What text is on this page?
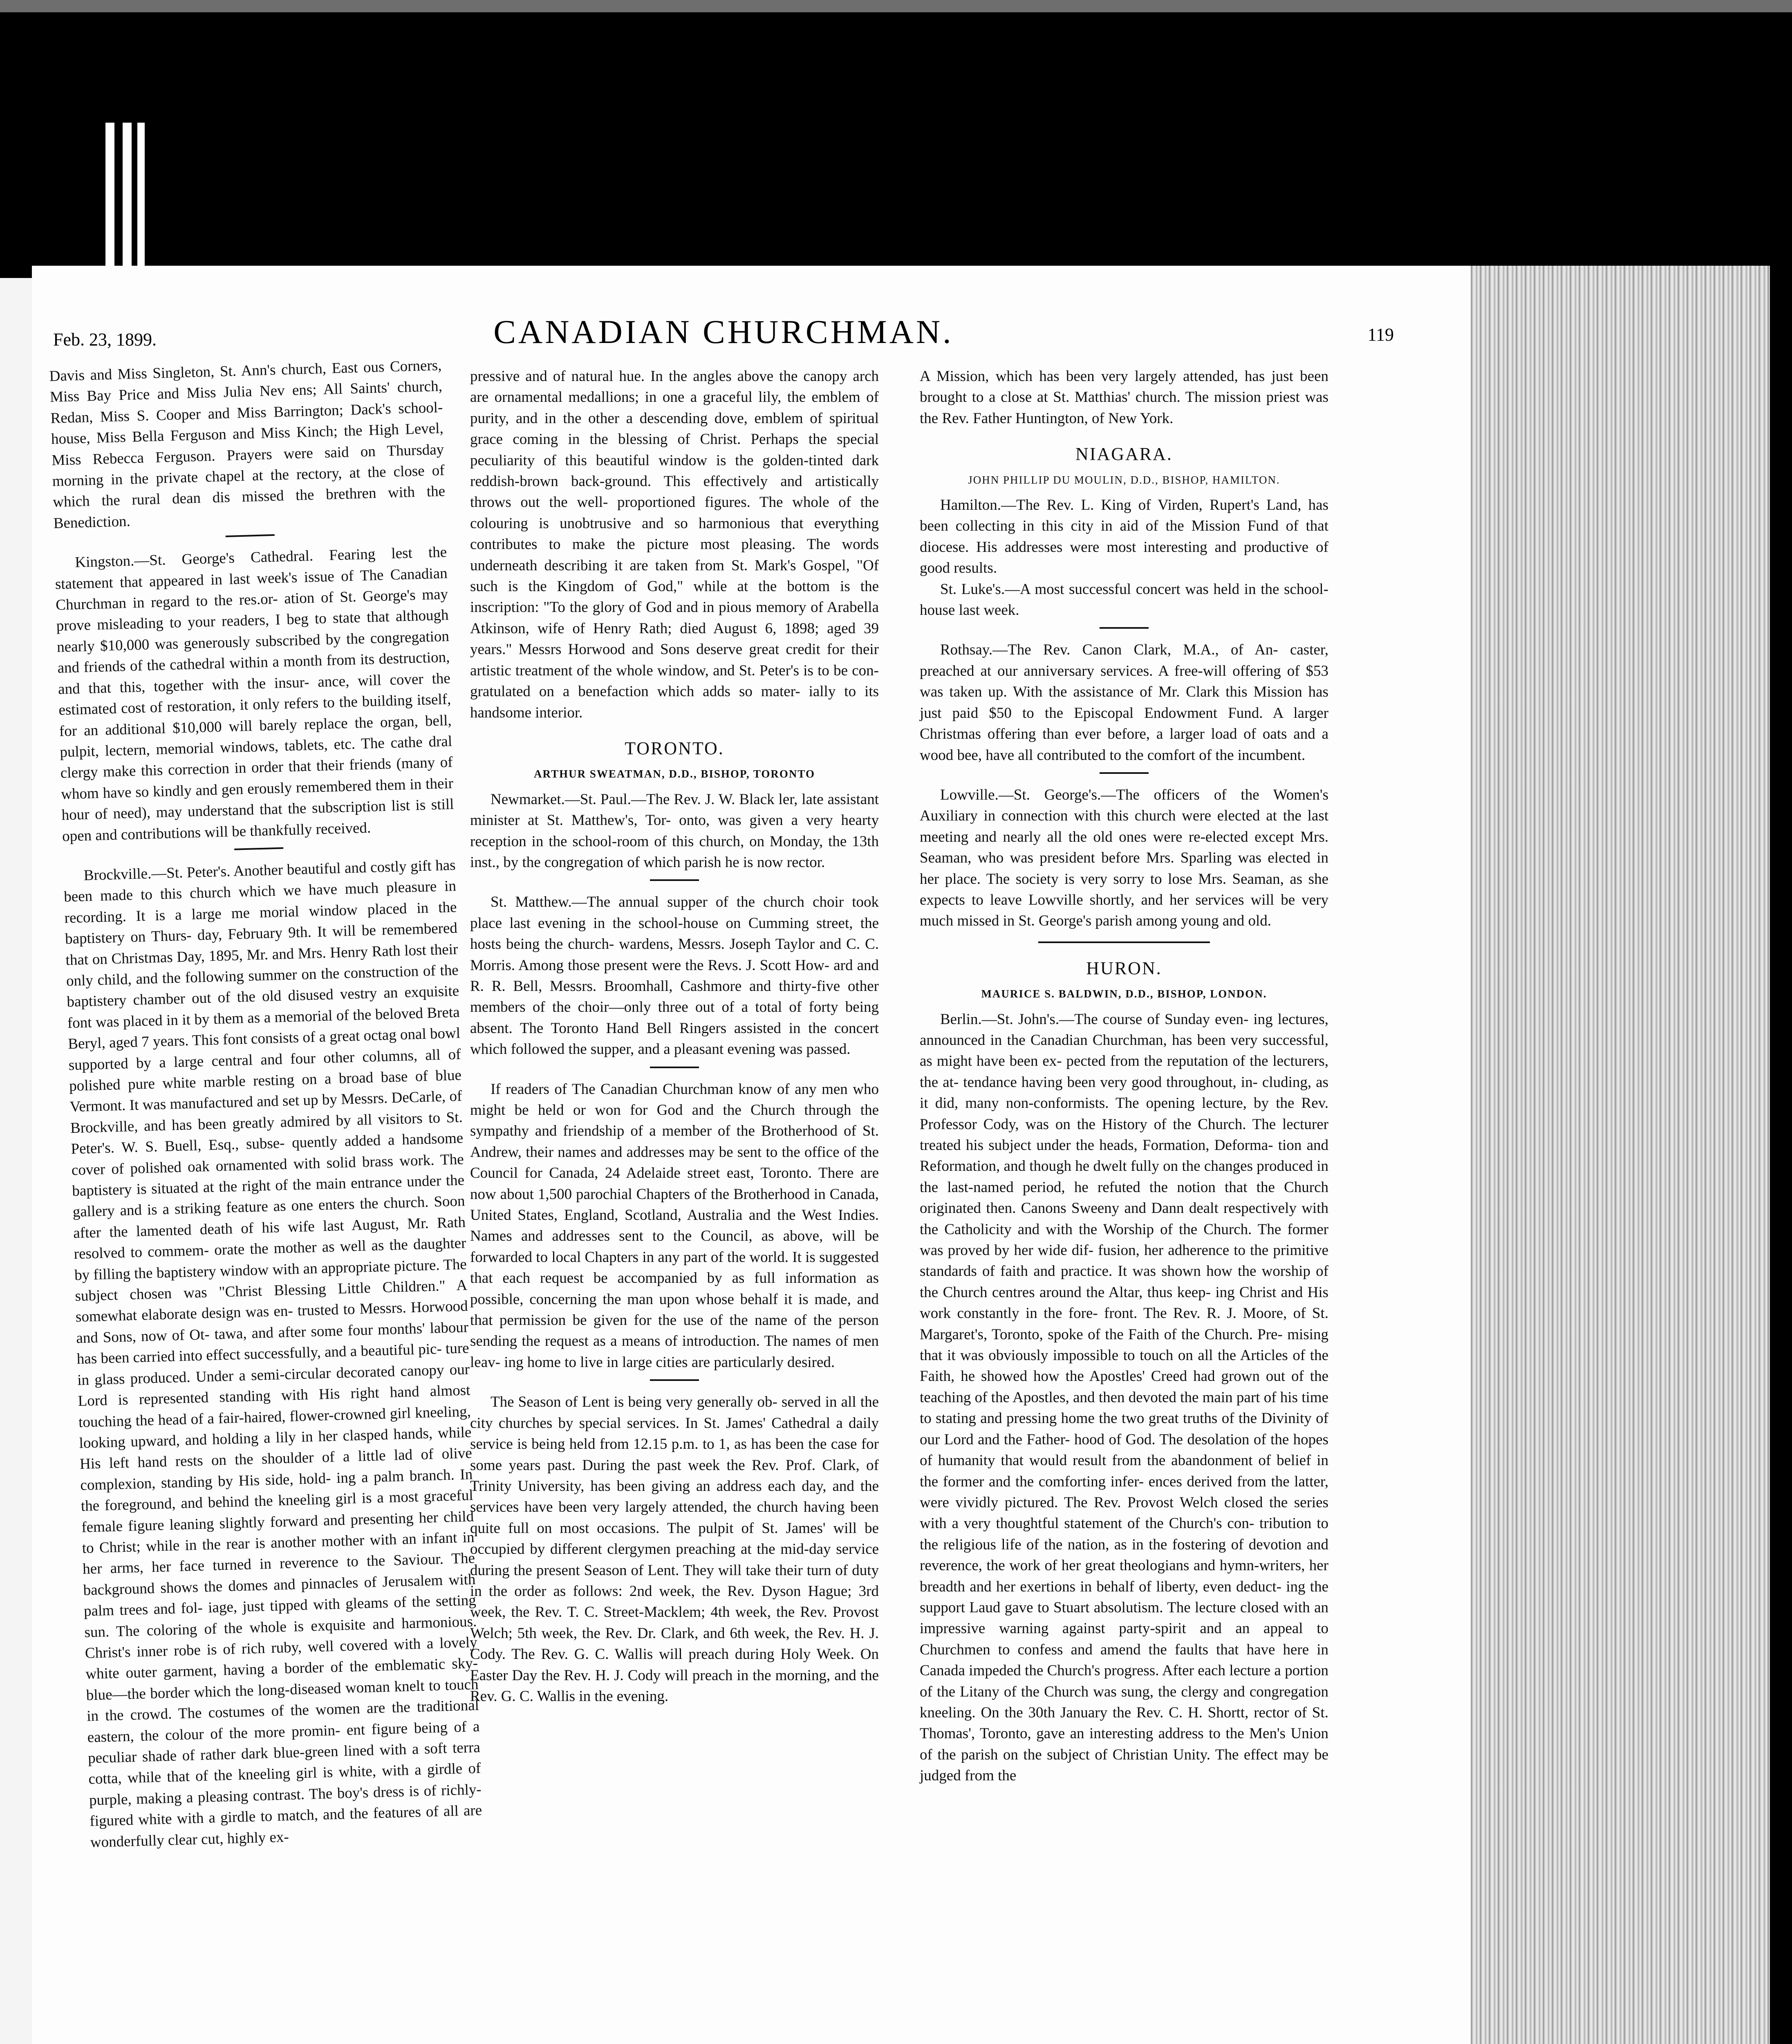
Feb. 23, 1899.	CANADIAN CHURCHMAN.	119

Davis and Miss Singleton, St. Ann's church, East ous Corners, Miss Bay Price and Miss Julia Nev ens; All Saints' church, Redan, Miss S. Cooper and Miss Barrington; Dack's school-house, Miss Bella Ferguson and Miss Kinch; the High Level, Miss Rebecca Ferguson. Prayers were said on Thursday morning in the private chapel at the rectory, at the close of which the rural dean dis missed the brethren with the Benediction.

Kingston.—St. George's Cathedral. Fearing lest the statement that appeared in last week's issue of The Canadian Churchman in regard to the res.or- ation of St. George's may prove misleading to your readers, I beg to state that although nearly $10,000 was generously subscribed by the congregation and friends of the cathedral within a month from its destruction, and that this, together with the insur- ance, will cover the estimated cost of restoration, it only refers to the building itself, for an additional $10,000 will barely replace the organ, bell, pulpit, lectern, memorial windows, tablets, etc. The cathe dral clergy make this correction in order that their friends (many of whom have so kindly and gen erously remembered them in their hour of need), may understand that the subscription list is still open and contributions will be thankfully received.

Brockville.—St. Peter's. Another beautiful and costly gift has been made to this church which we have much pleasure in recording. It is a large me morial window placed in the baptistery on Thurs- day, February 9th. It will be remembered that on Christmas Day, 1895, Mr. and Mrs. Henry Rath lost their only child, and the following summer on the construction of the baptistery chamber out of the old disused vestry an exquisite font was placed in it by them as a memorial of the beloved Breta Beryl, aged 7 years. This font consists of a great octag onal bowl supported by a large central and four other columns, all of polished pure white marble resting on a broad base of blue Vermont. It was manufactured and set up by Messrs. DeCarle, of Brockville, and has been greatly admired by all visitors to St. Peter's. W. S. Buell, Esq., subse- quently added a handsome cover of polished oak ornamented with solid brass work. The baptistery is situated at the right of the main entrance under the gallery and is a striking feature as one enters the church. Soon after the lamented death of his wife last August, Mr. Rath resolved to commem- orate the mother as well as the daughter by filling the baptistery window with an appropriate picture. The subject chosen was "Christ Blessing Little Children." A somewhat elaborate design was en- trusted to Messrs. Horwood and Sons, now of Ot- tawa, and after some four months' labour has been carried into effect successfully, and a beautiful pic- ture in glass produced. Under a semi-circular decorated canopy our Lord is represented standing with His right hand almost touching the head of a fair-haired, flower-crowned girl kneeling, looking upward, and holding a lily in her clasped hands, while His left hand rests on the shoulder of a little lad of olive complexion, standing by His side, hold- ing a palm branch. In the foreground, and behind the kneeling girl is a most graceful female figure leaning slightly forward and presenting her child to Christ; while in the rear is another mother with an infant in her arms, her face turned in reverence to the Saviour. The background shows the domes and pinnacles of Jerusalem with palm trees and fol- iage, just tipped with gleams of the setting sun. The coloring of the whole is exquisite and harmonious. Christ's inner robe is of rich ruby, well covered with a lovely white outer garment, having a border of the emblematic sky-blue—the border which the long-diseased woman knelt to touch in the crowd. The costumes of the women are the traditional eastern, the colour of the more promin- ent figure being of a peculiar shade of rather dark blue-green lined with a soft terra cotta, while that of the kneeling girl is white, with a girdle of purple, making a pleasing contrast. The boy's dress is of richly-figured white with a girdle to match, and the features of all are wonderfully clear cut, highly ex-

pressive and of natural hue. In the angles above the canopy arch are ornamental medallions; in one a graceful lily, the emblem of purity, and in the other a descending dove, emblem of spiritual grace coming in the blessing of Christ. Perhaps the special peculiarity of this beautiful window is the golden-tinted dark reddish-brown back-ground. This effectively and artistically throws out the well- proportioned figures. The whole of the colouring is unobtrusive and so harmonious that everything contributes to make the picture most pleasing. The words underneath describing it are taken from St. Mark's Gospel, "Of such is the Kingdom of God," while at the bottom is the inscription: "To the glory of God and in pious memory of Arabella Atkinson, wife of Henry Rath; died August 6, 1898; aged 39 years." Messrs Horwood and Sons deserve great credit for their artistic treatment of the whole window, and St. Peter's is to be con- gratulated on a benefaction which adds so mater- ially to its handsome interior.

TORONTO.
ARTHUR SWEATMAN, D.D., BISHOP, TORONTO

Newmarket.—St. Paul.—The Rev. J. W. Black ler, late assistant minister at St. Matthew's, Tor- onto, was given a very hearty reception in the school-room of this church, on Monday, the 13th inst., by the congregation of which parish he is now rector.

St. Matthew.—The annual supper of the church choir took place last evening in the school-house on Cumming street, the hosts being the church- wardens, Messrs. Joseph Taylor and C. C. Morris. Among those present were the Revs. J. Scott How- ard and R. R. Bell, Messrs. Broomhall, Cashmore and thirty-five other members of the choir—only three out of a total of forty being absent. The Toronto Hand Bell Ringers assisted in the concert which followed the supper, and a pleasant evening was passed.

If readers of The Canadian Churchman know of any men who might be held or won for God and the Church through the sympathy and friendship of a member of the Brotherhood of St. Andrew, their names and addresses may be sent to the office of the Council for Canada, 24 Adelaide street east, Toronto. There are now about 1,500 parochial Chapters of the Brotherhood in Canada, United States, England, Scotland, Australia and the West Indies. Names and addresses sent to the Council, as above, will be forwarded to local Chapters in any part of the world. It is suggested that each request be accompanied by as full information as possible, concerning the man upon whose behalf it is made, and that permission be given for the use of the name of the person sending the request as a means of introduction. The names of men leav- ing home to live in large cities are particularly desired.

The Season of Lent is being very generally ob- served in all the city churches by special services. In St. James' Cathedral a daily service is being held from 12.15 p.m. to 1, as has been the case for some years past. During the past week the Rev. Prof. Clark, of Trinity University, has been giving an address each day, and the services have been very largely attended, the church having been quite full on most occasions. The pulpit of St. James' will be occupied by different clergymen preaching at the mid-day service during the present Season of Lent. They will take their turn of duty in the order as follows: 2nd week, the Rev. Dyson Hague; 3rd week, the Rev. T. C. Street-Macklem; 4th week, the Rev. Provost Welch; 5th week, the Rev. Dr. Clark, and 6th week, the Rev. H. J. Cody. The Rev. G. C. Wallis will preach during Holy Week. On Easter Day the Rev. H. J. Cody will preach in the morning, and the Rev. G. C. Wallis in the evening.

A Mission, which has been very largely attended, has just been brought to a close at St. Matthias' church. The mission priest was the Rev. Father Huntington, of New York.

NIAGARA.
JOHN PHILLIP DU MOULIN, D.D., BISHOP, HAMILTON.

Hamilton.—The Rev. L. King of Virden, Rupert's Land, has been collecting in this city in aid of the Mission Fund of that diocese. His addresses were most interesting and productive of good results.

St. Luke's.—A most successful concert was held in the school-house last week.

Rothsay.—The Rev. Canon Clark, M.A., of An- caster, preached at our anniversary services. A free-will offering of $53 was taken up. With the assistance of Mr. Clark this Mission has just paid $50 to the Episcopal Endowment Fund. A larger Christmas offering than ever before, a larger load of oats and a wood bee, have all contributed to the comfort of the incumbent.

Lowville.—St. George's.—The officers of the Women's Auxiliary in connection with this church were elected at the last meeting and nearly all the old ones were re-elected except Mrs. Seaman, who was president before Mrs. Sparling was elected in her place. The society is very sorry to lose Mrs. Seaman, as she expects to leave Lowville shortly, and her services will be very much missed in St. George's parish among young and old.

HURON.
MAURICE S. BALDWIN, D.D., BISHOP, LONDON.

Berlin.—St. John's.—The course of Sunday even- ing lectures, announced in the Canadian Churchman, has been very successful, as might have been ex- pected from the reputation of the lecturers, the at- tendance having been very good throughout, in- cluding, as it did, many non-conformists. The opening lecture, by the Rev. Professor Cody, was on the History of the Church. The lecturer treated his subject under the heads, Formation, Deforma- tion and Reformation, and though he dwelt fully on the changes produced in the last-named period, he refuted the notion that the Church originated then. Canons Sweeny and Dann dealt respectively with the Catholicity and with the Worship of the Church. The former was proved by her wide dif- fusion, her adherence to the primitive standards of faith and practice. It was shown how the worship of the Church centres around the Altar, thus keep- ing Christ and His work constantly in the fore- front. The Rev. R. J. Moore, of St. Margaret's, Toronto, spoke of the Faith of the Church. Pre- mising that it was obviously impossible to touch on all the Articles of the Faith, he showed how the Apostles' Creed had grown out of the teaching of the Apostles, and then devoted the main part of his time to stating and pressing home the two great truths of the Divinity of our Lord and the Father- hood of God. The desolation of the hopes of humanity that would result from the abandonment of belief in the former and the comforting infer- ences derived from the latter, were vividly pictured. The Rev. Provost Welch closed the series with a very thoughtful statement of the Church's con- tribution to the religious life of the nation, as in the fostering of devotion and reverence, the work of her great theologians and hymn-writers, her breadth and her exertions in behalf of liberty, even deduct- ing the support Laud gave to Stuart absolutism. The lecture closed with an impressive warning against party-spirit and an appeal to Churchmen to confess and amend the faults that have here in Canada impeded the Church's progress. After each lecture a portion of the Litany of the Church was sung, the clergy and congregation kneeling. On the 30th January the Rev. C. H. Shortt, rector of St. Thomas', Toronto, gave an interesting address to the Men's Union of the parish on the subject of Christian Unity. The effect may be judged from the
